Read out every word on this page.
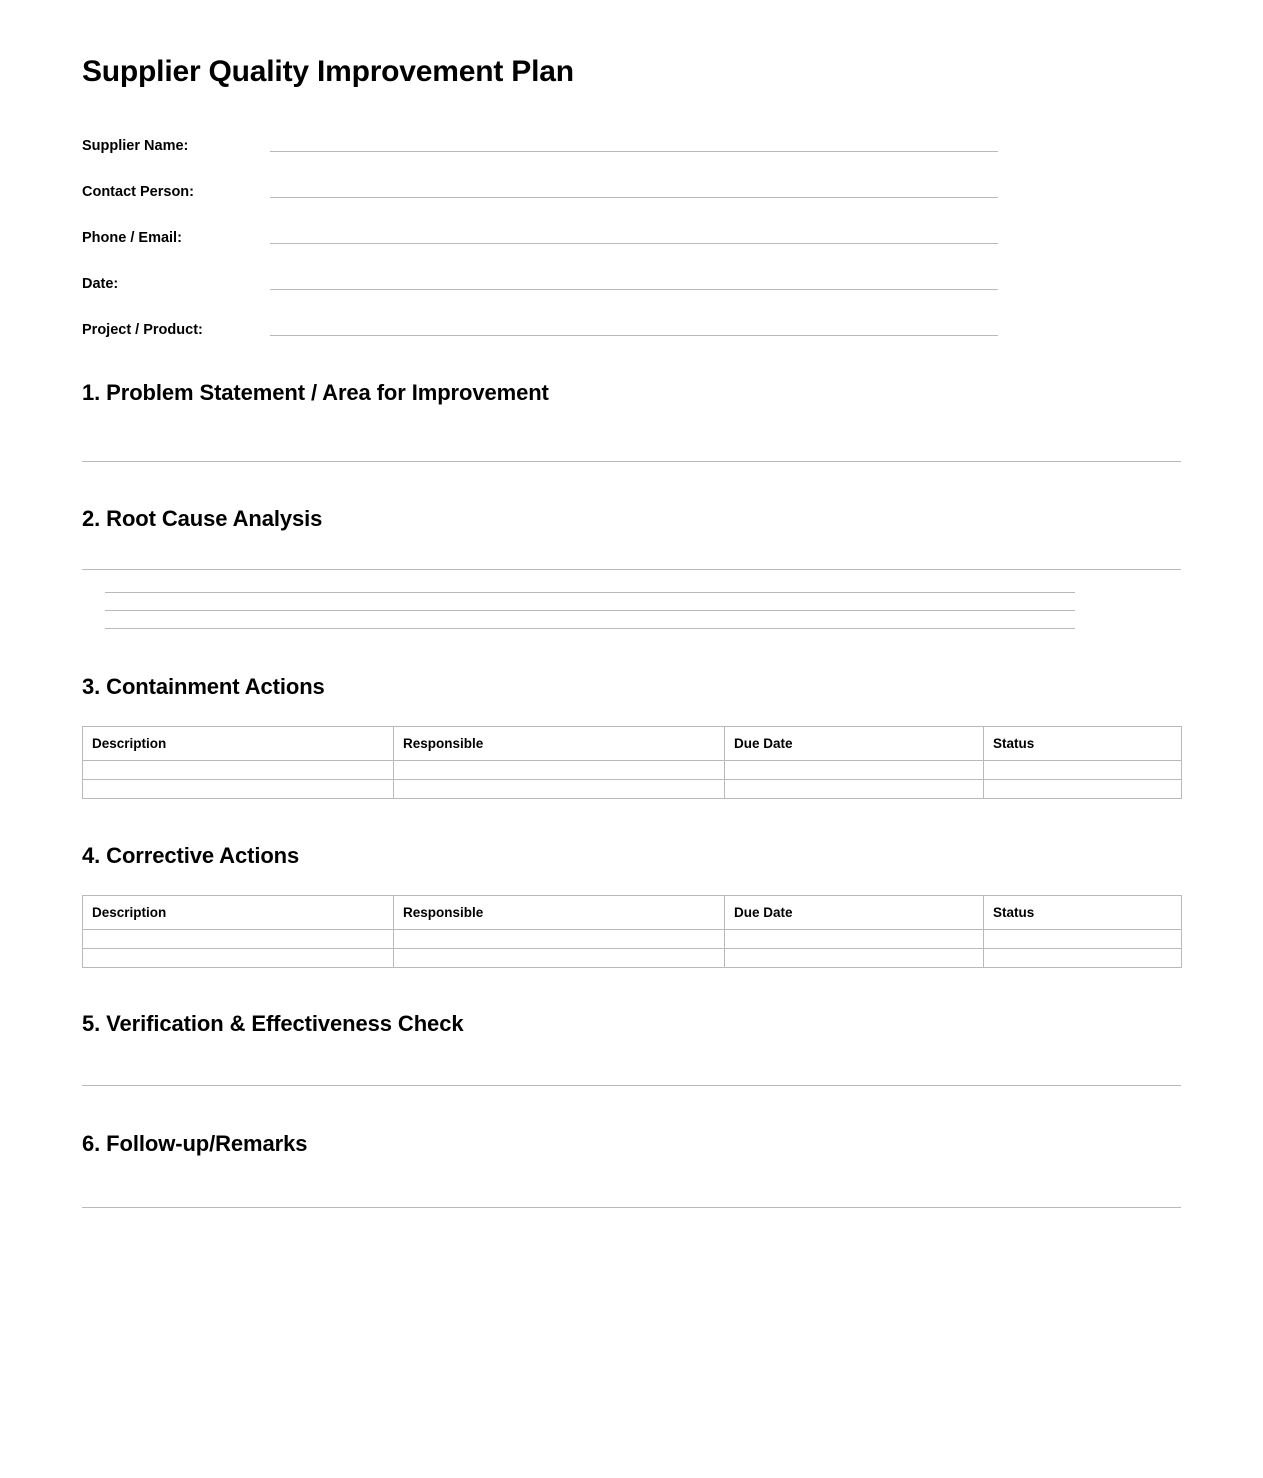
Supplier Quality Improvement Plan
Supplier Name:
Contact Person:
Phone / Email:
Date:
Project / Product:
1. Problem Statement / Area for Improvement
2. Root Cause Analysis
3. Containment Actions
Description	Responsible	Due Date	Status

4. Corrective Actions
Description	Responsible	Due Date	Status

5. Verification & Effectiveness Check
6. Follow-up/Remarks
